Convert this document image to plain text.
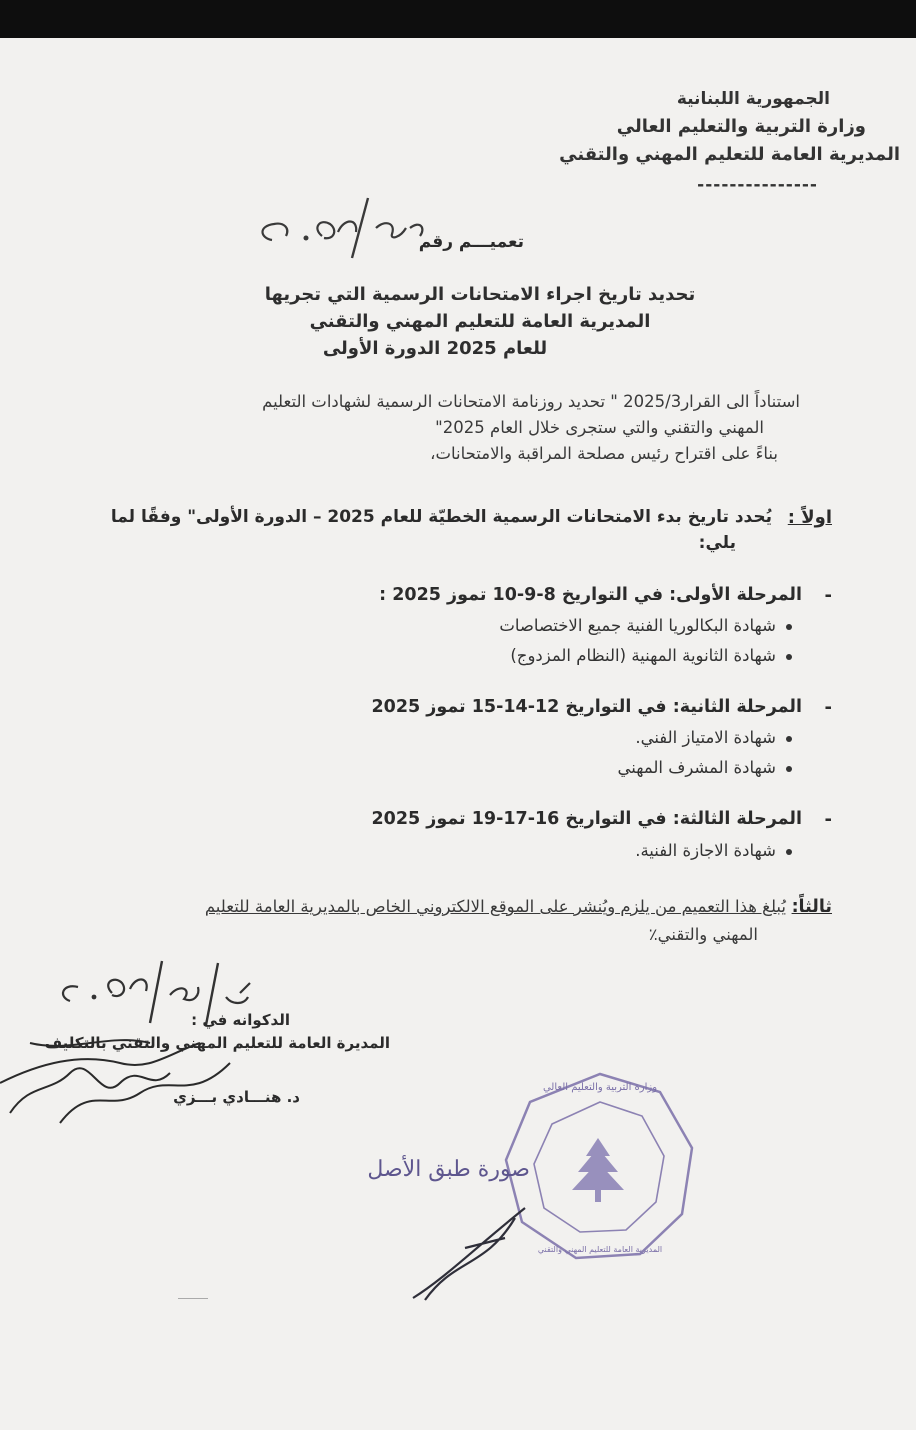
الجمهورية اللبنانية
وزارة التربية والتعليم العالي
المديرية العامة للتعليم المهني والتقني
---------------
تعميـــم رقم
١٢/٥٠/٢٠٠٥
تحديد تاريخ اجراء الامتحانات الرسمية التي تجريها
المديرية العامة للتعليم المهني والتقني
للعام 2025 الدورة الأولى
استناداً الى القرار2025/3 " تحديد روزنامة الامتحانات الرسمية لشهادات التعليم
المهني والتقني والتي ستجرى خلال العام 2025"
بناءً على اقتراح رئيس مصلحة المراقبة والامتحانات،
اولاً :
يُحدد تاريخ بدء الامتحانات الرسمية الخطيّة للعام 2025 – الدورة الأولى" وفقًا لما
يلي:
-
المرحلة الأولى: في التواريخ 8-9-10 تموز 2025 :
شهادة البكالوريا الفنية جميع الاختصاصات
شهادة الثانوية المهنية (النظام المزدوج)
-
المرحلة الثانية: في التواريخ 12-14-15 تموز 2025
شهادة الامتياز الفني.
شهادة المشرف المهني
-
المرحلة الثالثة: في التواريخ 16-17-19 تموز 2025
شهادة الاجازة الفنية.
ثالثاً:
يُبلغ هذا التعميم من يلزم ويُنشر على الموقع الالكتروني الخاص بالمديرية العامة للتعليم
المهني والتقني٪
الدكوانه في :
المديرة العامة للتعليم المهني والتقني بالتكليف
د. هنـــادي بـــزي
١٤/٤/٢٠٠٥
وزارة التربية والتعليم العالي
المديرية العامة للتعليم المهني والتقني
صورة طبق الأصل
